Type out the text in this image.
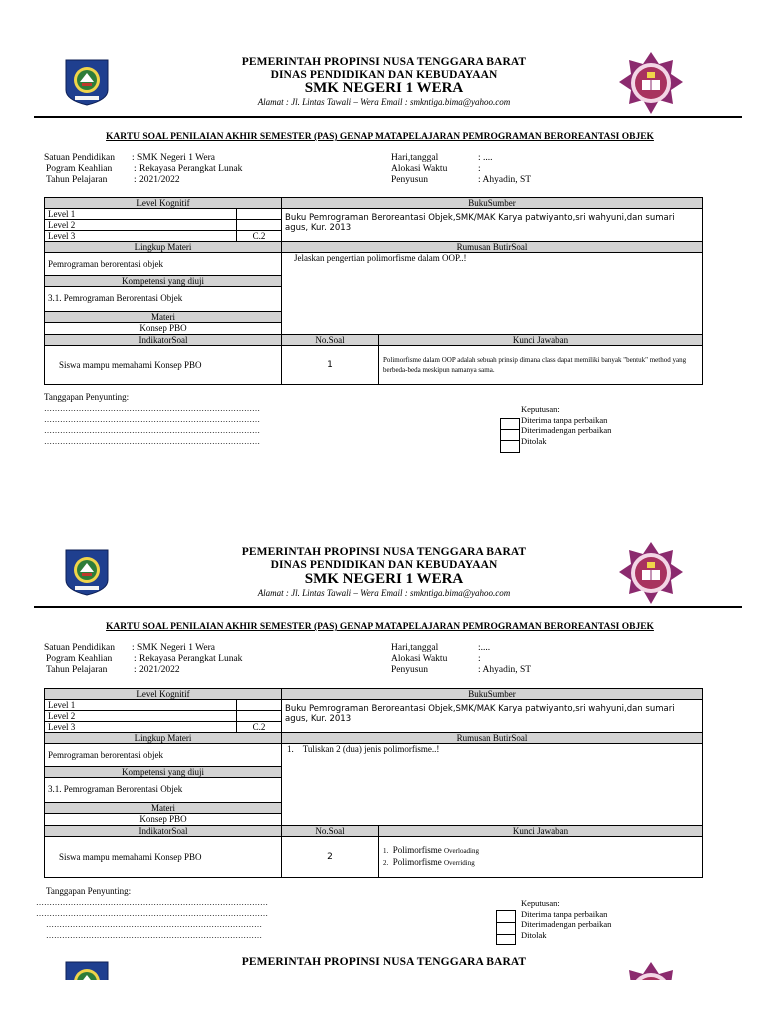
PEMERINTAH PROPINSI NUSA TENGGARA BARAT
DINAS PENDIDIKAN DAN KEBUDAYAAN
SMK NEGERI 1 WERA
Alamat : Jl. Lintas Tawali – Wera Email : smkntiga.bima@yahoo.com
KARTU SOAL PENILAIAN AKHIR SEMESTER (PAS) GENAP MATAPELAJARAN PEMROGRAMAN BEROREANTASI OBJEK
Satuan Pendidikan	: SMK Negeri 1 Wera
Pogram Keahlian	: Rekayasa Perangkat Lunak
Tahun Pelajaran	: 2021/2022
Hari,tanggal	: ....
Alokasi Waktu	:
Penyusun	: Ahyadin, ST
Level Kognitif		BukuSumber	
Level 1		Buku Pemrograman Beroreantasi Objek,SMK/MAK Karya patwiyanto,sri wahyuni,dan sumari agus, Kur. 2013	
Level 2			
Level 3	C.2		
Lingkup Materi		Rumusan ButirSoal	
Pemrograman berorentasi objek		Jelaskan pengertian polimorfisme dalam OOP..!	
Kompetensi yang diuji			
3.1. Pemrograman Berorentasi Objek			
Materi			
Konsep PBO			
IndikatorSoal		No.Soal	Kunci Jawaban
Siswa mampu memahami Konsep PBO		1	Polimorfisme dalam OOP adalah sebuah prinsip dimana class dapat memiliki banyak "bentuk" method yang berbeda-beda meskipun namanya sama.
Tanggapan Penyunting:
………………………………………………………………………
………………………………………………………………………
………………………………………………………………………
………………………………………………………………………
Keputusan:
Diterima tanpa perbaikan
Diterimadengan perbaikan
Ditolak
PEMERINTAH PROPINSI NUSA TENGGARA BARAT
DINAS PENDIDIKAN DAN KEBUDAYAAN
SMK NEGERI 1 WERA
Alamat : Jl. Lintas Tawali – Wera Email : smkntiga.bima@yahoo.com
KARTU SOAL PENILAIAN AKHIR SEMESTER (PAS) GENAP MATAPELAJARAN PEMROGRAMAN BEROREANTASI OBJEK
Satuan Pendidikan	: SMK Negeri 1 Wera
Pogram Keahlian	: Rekayasa Perangkat Lunak
Tahun Pelajaran	: 2021/2022
Hari,tanggal	:....
Alokasi Waktu	:
Penyusun	: Ahyadin, ST
Level Kognitif		BukuSumber	
Level 1		Buku Pemrograman Beroreantasi Objek,SMK/MAK Karya patwiyanto,sri wahyuni,dan sumari agus, Kur. 2013	
Level 2			
Level 3	C.2		
Lingkup Materi		Rumusan ButirSoal	
Pemrograman berorentasi objek		1. Tuliskan 2 (dua) jenis polimorfisme..!	
Kompetensi yang diuji			
3.1. Pemrograman Berorentasi Objek			
Materi			
Konsep PBO			
IndikatorSoal		No.Soal	Kunci Jawaban
Siswa mampu memahami Konsep PBO		2	1. Polimorfisme Overloading
2. Polimorfisme Overriding
Tanggapan Penyunting:
……………………………………………………………………………
……………………………………………………………………………
………………………………………………………………………
………………………………………………………………………
Keputusan:
Diterima tanpa perbaikan
Diterimadengan perbaikan
Ditolak
PEMERINTAH PROPINSI NUSA TENGGARA BARAT
